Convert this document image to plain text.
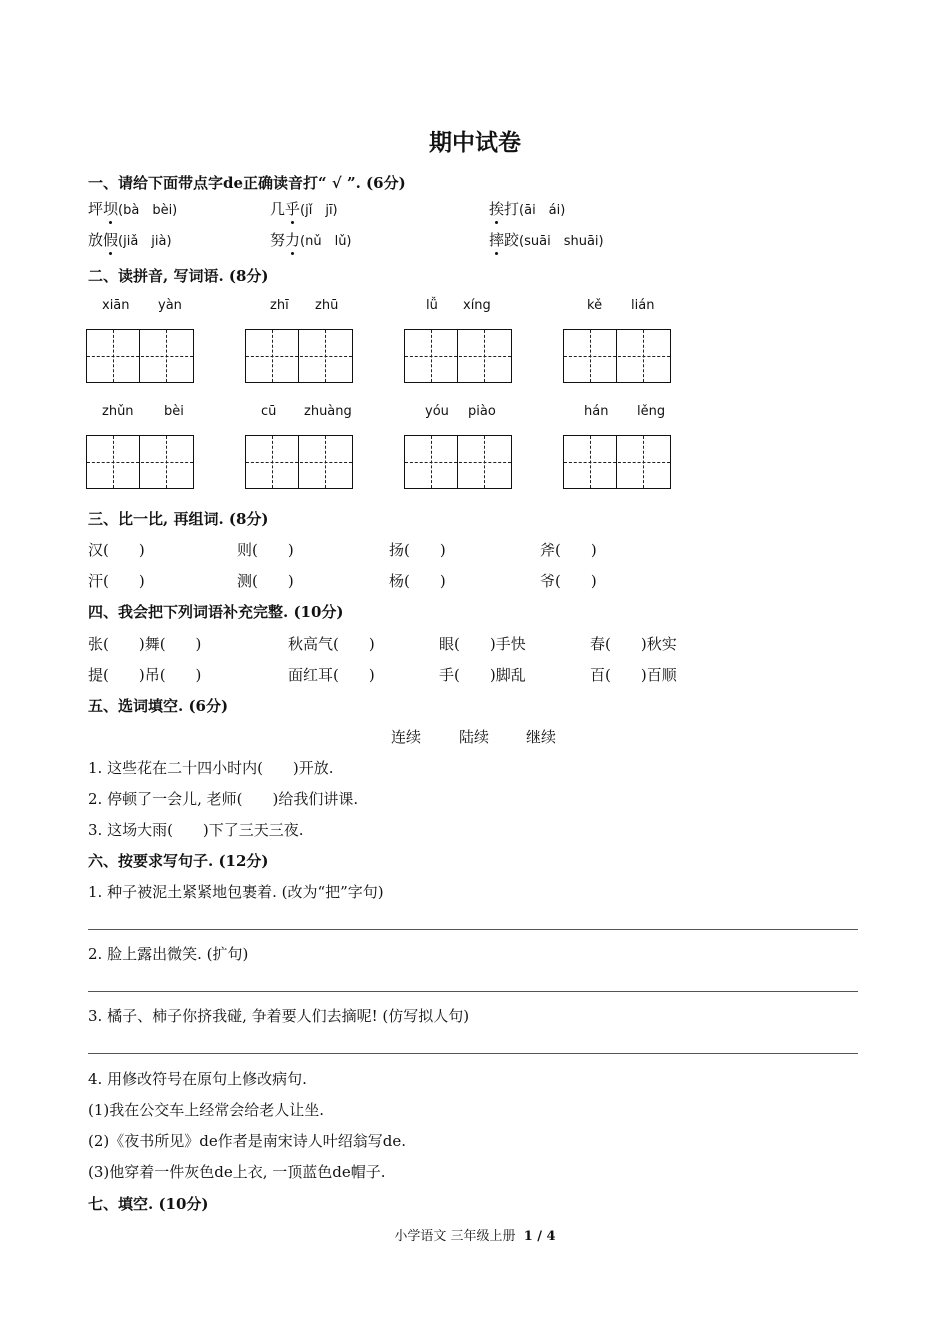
期中试卷
一、请给下面带点字de正确读音打“ √ ”. (6分)
坪坝(bà　bèi)	几乎(jǐ　jī)	挨打(āi　ái)
放假(jiǎ　jià)	努力(nǔ　lǔ)	摔跤(suāi　shuāi)
二、读拼音, 写词语. (8分)
xiān yàn	zhī zhū	lǚ xíng	kě lián
zhǔn bèi	cū zhuàng	yóu piào	hán lěng
三、比一比, 再组词. (8分)
汉(　　)	则(　　)	扬(　　)	斧(　　)
汗(　　)	测(　　)	杨(　　)	爷(　　)
四、我会把下列词语补充完整. (10分)
张(　　)舞(　　)	秋高气(　　)	眼(　　)手快	春(　　)秋实
提(　　)吊(　　)	面红耳(　　)	手(　　)脚乱	百(　　)百顺
五、选词填空. (6分)
连续	陆续 继续
1. 这些花在二十四小时内(　　)开放.
2. 停顿了一会儿, 老师(　　)给我们讲课.
3. 这场大雨(　　)下了三天三夜.
六、按要求写句子. (12分)
1. 种子被泥土紧紧地包裹着. (改为“把”字句)
2. 脸上露出微笑. (扩句)
3. 橘子、柿子你挤我碰, 争着要人们去摘呢! (仿写拟人句)
4. 用修改符号在原句上修改病句.
(1)我在公交车上经常会给老人让坐.
(2)《夜书所见》de作者是南宋诗人叶绍翁写de.
(3)他穿着一件灰色de上衣, 一顶蓝色de帽子.
七、填空. (10分)
小学语文 三年级上册 1 / 4
